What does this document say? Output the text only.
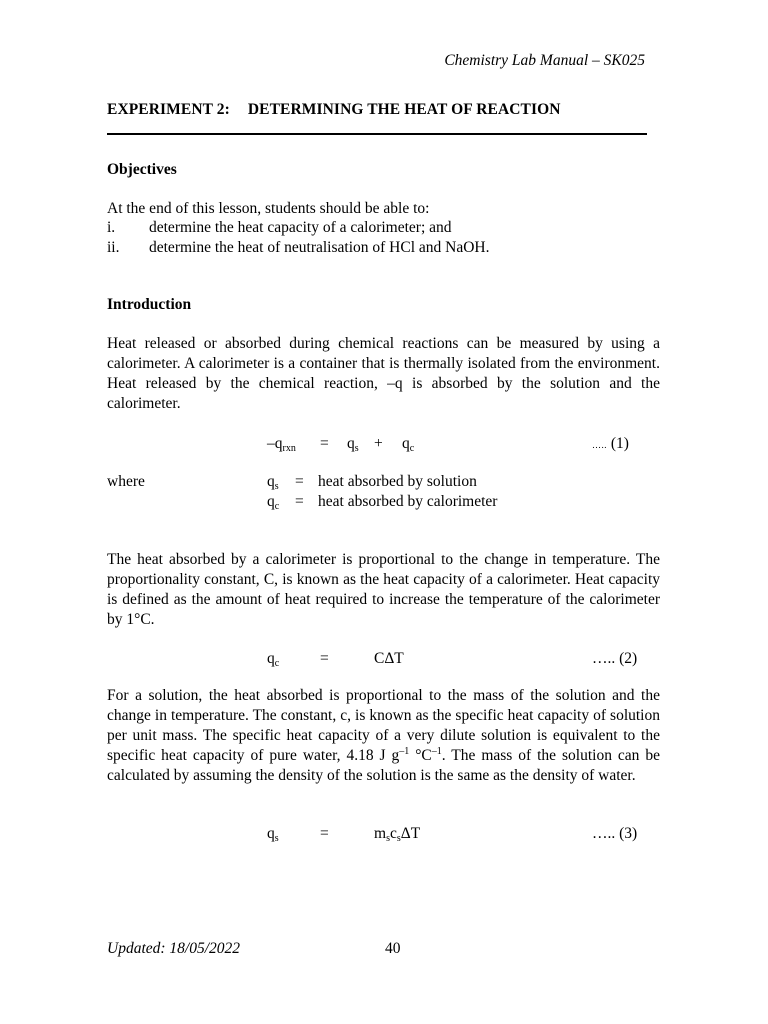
Chemistry Lab Manual – SK025
EXPERIMENT 2: DETERMINING THE HEAT OF REACTION
Objectives
At the end of this lesson, students should be able to:
i. determine the heat capacity of a calorimeter; and
ii. determine the heat of neutralisation of HCl and NaOH.
Introduction
Heat released or absorbed during chemical reactions can be measured by using a calorimeter. A calorimeter is a container that is thermally isolated from the environment. Heat released by the chemical reaction, –q is absorbed by the solution and the calorimeter.
$-q_{rxn} = q_s + q_c$	….. (1)
where	$q_s$ = heat absorbed by solution
$q_c$ = heat absorbed by calorimeter
The heat absorbed by a calorimeter is proportional to the change in temperature. The proportionality constant, C, is known as the heat capacity of a calorimeter. Heat capacity is defined as the amount of heat required to increase the temperature of the calorimeter by 1°C.
$q_c$	=	CΔT	….. (2)
For a solution, the heat absorbed is proportional to the mass of the solution and the change in temperature. The constant, c, is known as the specific heat capacity of solution per unit mass. The specific heat capacity of a very dilute solution is equivalent to the specific heat capacity of pure water, 4.18 J $g^{-1}$ $^\circ C^{-1}$. The mass of the solution can be calculated by assuming the density of the solution is the same as the density of water.
$q_s$	=	$m_sc_s\Delta T$	….. (3)
Updated: 18/05/2022	40
